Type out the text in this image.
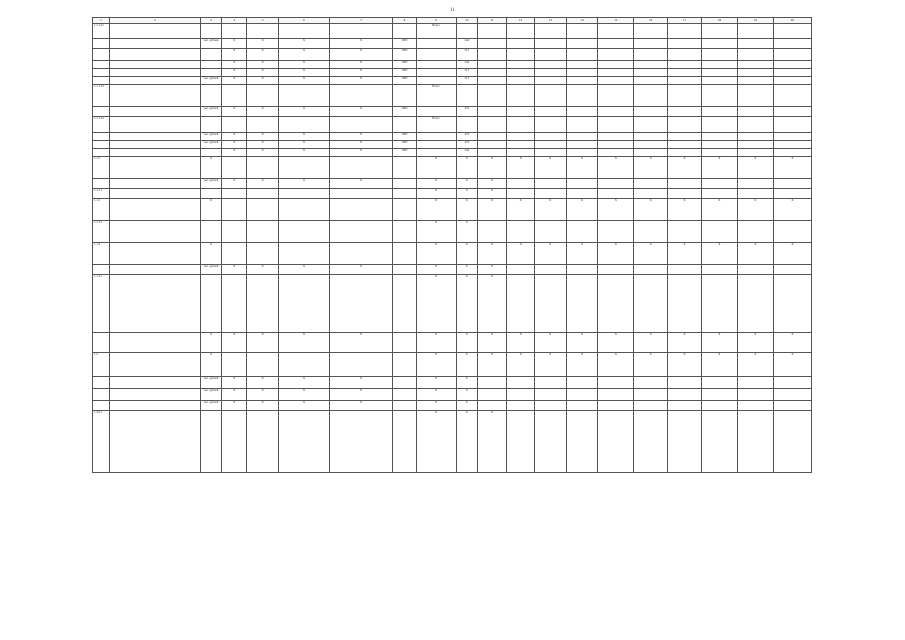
11
1	2	3	4	5	6	7	8	9	10	11	12	13	14	15	16	17	18	19	20
1.1.1.21								Всего											
		тыс. рублей	Х	Х	Х	Х	1003		244										
			Х	Х	Х	Х	1003		313										
			Х	Х	Х	Х	1003		244										
			Х	Х	Х	Х	1003		313										
		тыс. рублей	Х	Х	Х	Х	1003		313										
1.1.1.23								Всего											
		тыс. рублей	Х	Х	Х	Х	1003		323										
1.1.1.24								Всего											
		тыс. рублей	Х	Х	Х	Х	1003		323										
		тыс. рублей	Х	Х	Х	Х	1003		323										
			Х	Х	Х	Х	1003		244										
1.1.2		Х						Х	Х	Х	Х	Х	Х	Х	Х	Х	Х	Х	Х
		тыс. рублей	Х	Х	Х	Х		Х	Х	Х									
1.1.2.1								Х	Х	Х									
1.1.3		Х						Х	Х	Х	Х	Х	Х	Х	Х	Х	Х	Х	Х
1.1.3.1								Х	Х										
1.1.4		Х						Х	Х	Х	Х	Х	Х	Х	Х	Х	Х	Х	Х
		тыс. рублей	Х	Х	Х	Х		Х	Х	Х									
1.1.4.1								Х	Х	Х									
		Х	Х	Х	Х	Х		Х	Х	Х	Х	Х	Х	Х	Х	Х	Х	Х	Х
1.2		Х						Х	Х	Х	Х	Х	Х	Х	Х	Х	Х	Х	Х
		тыс. рублей	Х	Х	Х	Х		Х	Х										
		тыс. рублей	Х	Х	Х	Х		Х	Х										
		тыс. рублей	Х	Х	Х	Х		Х	Х										
1.2.0.1								Х	Х	Х									
